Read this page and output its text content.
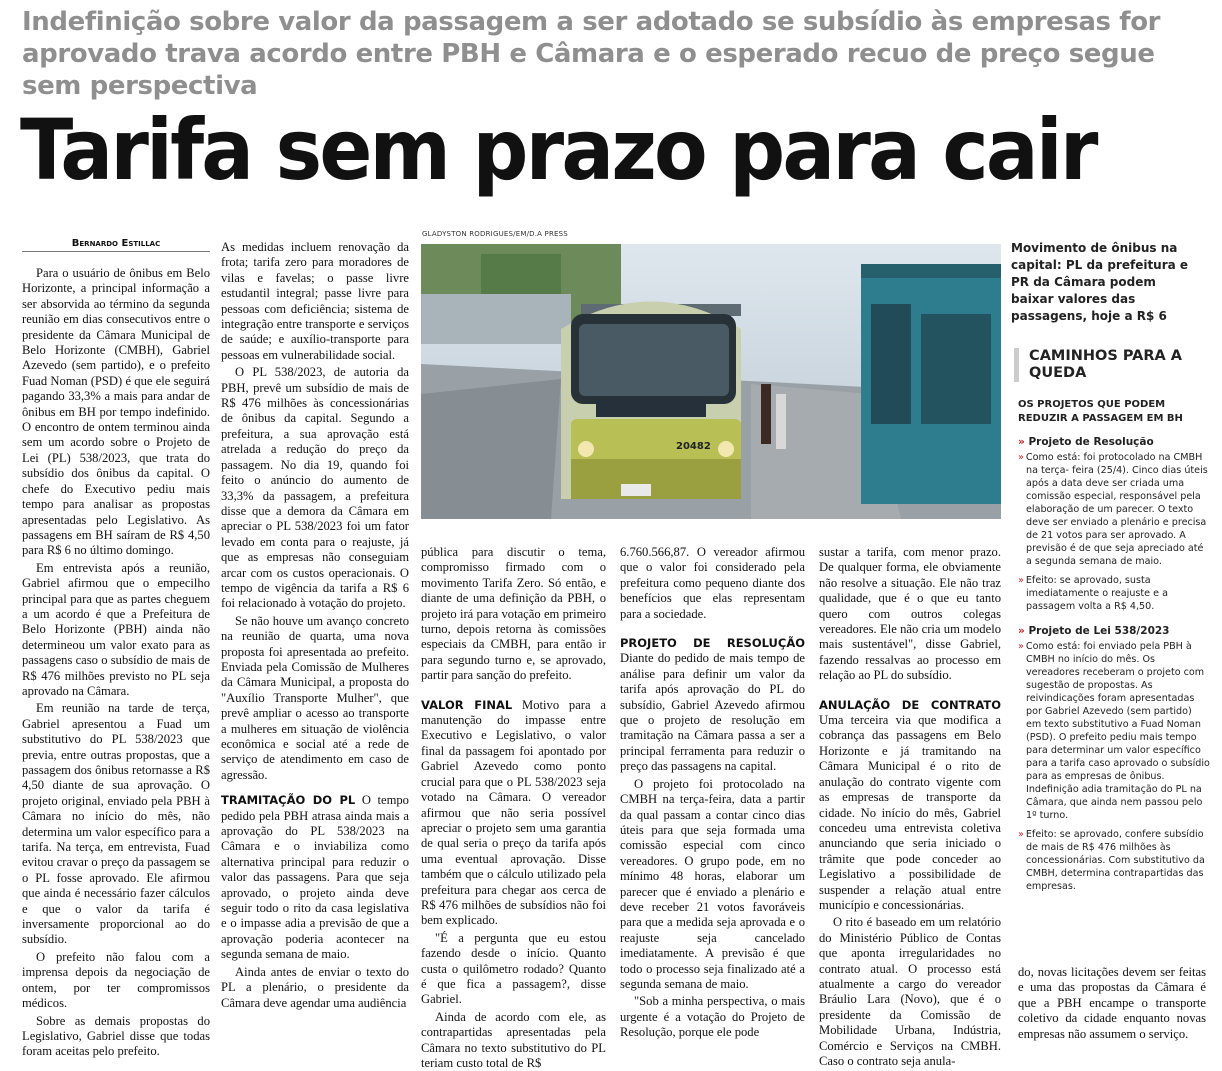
Indefinição sobre valor da passagem a ser adotado se subsídio às empresas for aprovado trava acordo entre PBH e Câmara e o esperado recuo de preço segue sem perspectiva
Tarifa sem prazo para cair
Bernardo Estillac
GLADYSTON RODRIGUES/EM/D.A PRESS

Para o usuário de ônibus em Belo Horizonte, a principal informação a ser absorvida ao término da segunda reunião em dias consecutivos entre o presidente da Câmara Municipal de Belo Horizonte (CMBH), Gabriel Azevedo (sem partido), e o prefeito Fuad Noman (PSD) é que ele seguirá pagando 33,3% a mais para andar de ônibus em BH por tempo indefinido. O encontro de ontem terminou ainda sem um acordo sobre o Projeto de Lei (PL) 538/2023, que trata do subsídio dos ônibus da capital. O chefe do Executivo pediu mais tempo para analisar as propostas apresentadas pelo Legislativo. As passagens em BH saíram de R$ 4,50 para R$ 6 no último domingo.

Em entrevista após a reunião, Gabriel afirmou que o empecilho principal para que as partes cheguem a um acordo é que a Prefeitura de Belo Horizonte (PBH) ainda não determineou um valor exato para as passagens caso o subsídio de mais de R$ 476 milhões previsto no PL seja aprovado na Câmara.

Em reunião na tarde de terça, Gabriel apresentou a Fuad um substitutivo do PL 538/2023 que previa, entre outras propostas, que a passagem dos ônibus retornasse a R$ 4,50 diante de sua aprovação. O projeto original, enviado pela PBH à Câmara no início do mês, não determina um valor específico para a tarifa. Na terça, em entrevista, Fuad evitou cravar o preço da passagem se o PL fosse aprovado. Ele afirmou que ainda é necessário fazer cálculos e que o valor da tarifa é inversamente proporcional ao do subsídio.

O prefeito não falou com a imprensa depois da negociação de ontem, por ter compromissos médicos.

Sobre as demais propostas do Legislativo, Gabriel disse que todas foram aceitas pelo prefeito.

As medidas incluem renovação da frota; tarifa zero para moradores de vilas e favelas; o passe livre estudantil integral; passe livre para pessoas com deficiência; sistema de integração entre transporte e serviços de saúde; e auxílio-transporte para pessoas em vulnerabilidade social.

O PL 538/2023, de autoria da PBH, prevê um subsídio de mais de R$ 476 milhões às concessionárias de ônibus da capital. Segundo a prefeitura, a sua aprovação está atrelada a redução do preço da passagem. No dia 19, quando foi feito o anúncio do aumento de 33,3% da passagem, a prefeitura disse que a demora da Câmara em apreciar o PL 538/2023 foi um fator levado em conta para o reajuste, já que as empresas não conseguiam arcar com os custos operacionais. O tempo de vigência da tarifa a R$ 6 foi relacionado à votação do projeto.

Se não houve um avanço concreto na reunião de quarta, uma nova proposta foi apresentada ao prefeito. Enviada pela Comissão de Mulheres da Câmara Municipal, a proposta do "Auxílio Transporte Mulher", que prevê ampliar o acesso ao transporte a mulheres em situação de violência econômica e social até a rede de serviço de atendimento em caso de agressão.

TRAMITAÇÃO DO PL O tempo pedido pela PBH atrasa ainda mais a aprovação do PL 538/2023 na Câmara e o inviabiliza como alternativa principal para reduzir o valor das passagens. Para que seja aprovado, o projeto ainda deve seguir todo o rito da casa legislativa e o impasse adia a previsão de que a aprovação poderia acontecer na segunda semana de maio.

Ainda antes de enviar o texto do PL a plenário, o presidente da Câmara deve agendar uma audiência

20482
Movimento de ônibus na capital: PL da prefeitura e PR da Câmara podem baixar valores das passagens, hoje a R$ 6

pública para discutir o tema, compromisso firmado com o movimento Tarifa Zero. Só então, e diante de uma definição da PBH, o projeto irá para votação em primeiro turno, depois retorna às comissões especiais da CMBH, para então ir para segundo turno e, se aprovado, partir para sanção do prefeito.

VALOR FINAL Motivo para a manutenção do impasse entre Executivo e Legislativo, o valor final da passagem foi apontado por Gabriel Azevedo como ponto crucial para que o PL 538/2023 seja votado na Câmara. O vereador afirmou que não seria possível apreciar o projeto sem uma garantia de qual seria o preço da tarifa após uma eventual aprovação. Disse também que o cálculo utilizado pela prefeitura para chegar aos cerca de R$ 476 milhões de subsídios não foi bem explicado.

"É a pergunta que eu estou fazendo desde o início. Quanto custa o quilômetro rodado? Quanto é que fica a passagem?, disse Gabriel.

Ainda de acordo com ele, as contrapartidas apresentadas pela Câmara no texto substitutivo do PL teriam custo total de R$

6.760.566,87. O vereador afirmou que o valor foi considerado pela prefeitura como pequeno diante dos benefícios que elas representam para a sociedade.

PROJETO DE RESOLUÇÃO Diante do pedido de mais tempo de análise para definir um valor da tarifa após aprovação do PL do subsídio, Gabriel Azevedo afirmou que o projeto de resolução em tramitação na Câmara passa a ser a principal ferramenta para reduzir o preço das passagens na capital.

O projeto foi protocolado na CMBH na terça-feira, data a partir da qual passam a contar cinco dias úteis para que seja formada uma comissão especial com cinco vereadores. O grupo pode, em no mínimo 48 horas, elaborar um parecer que é enviado a plenário e deve receber 21 votos favoráveis para que a medida seja aprovada e o reajuste seja cancelado imediatamente. A previsão é que todo o processo seja finalizado até a segunda semana de maio.

"Sob a minha perspectiva, o mais urgente é a votação do Projeto de Resolução, porque ele pode

sustar a tarifa, com menor prazo. De qualquer forma, ele obviamente não resolve a situação. Ele não traz qualidade, que é o que eu tanto quero com outros colegas vereadores. Ele não cria um modelo mais sustentável", disse Gabriel, fazendo ressalvas ao processo em relação ao PL do subsídio.

ANULAÇÃO DE CONTRATO Uma terceira via que modifica a cobrança das passagens em Belo Horizonte e já tramitando na Câmara Municipal é o rito de anulação do contrato vigente com as empresas de transporte da cidade. No início do mês, Gabriel concedeu uma entrevista coletiva anunciando que seria iniciado o trâmite que pode conceder ao Legislativo a possibilidade de suspender a relação atual entre município e concessionárias.

O rito é baseado em um relatório do Ministério Público de Contas que aponta irregularidades no contrato atual. O processo está atualmente a cargo do vereador Bráulio Lara (Novo), que é o presidente da Comissão de Mobilidade Urbana, Indústria, Comércio e Serviços na CMBH. Caso o contrato seja anula-

do, novas licitações devem ser feitas e uma das propostas da Câmara é que a PBH encampe o transporte coletivo da cidade enquanto novas empresas não assumem o serviço.

CAMINHOS PARA A QUEDA
OS PROJETOS QUE PODEM REDUZIR A PASSAGEM EM BH
» Projeto de Resolução
» Como está: foi protocolado na CMBH na terça- feira (25/4). Cinco dias úteis após a data deve ser criada uma comissão especial, responsável pela elaboração de um parecer. O texto deve ser enviado a plenário e precisa de 21 votos para ser aprovado. A previsão é de que seja apreciado até a segunda semana de maio.
» Efeito: se aprovado, susta imediatamente o reajuste e a passagem volta a R$ 4,50.
» Projeto de Lei 538/2023
» Como está: foi enviado pela PBH à CMBH no início do mês. Os vereadores receberam o projeto com sugestão de propostas. As reivindicações foram apresentadas por Gabriel Azevedo (sem partido) em texto substitutivo a Fuad Noman (PSD). O prefeito pediu mais tempo para determinar um valor específico para a tarifa caso aprovado o subsídio para as empresas de ônibus. Indefinição adia tramitação do PL na Câmara, que ainda nem passou pelo 1º turno.
» Efeito: se aprovado, confere subsídio de mais de R$ 476 milhões às concessionárias. Com substitutivo da CMBH, determina contrapartidas das empresas.
